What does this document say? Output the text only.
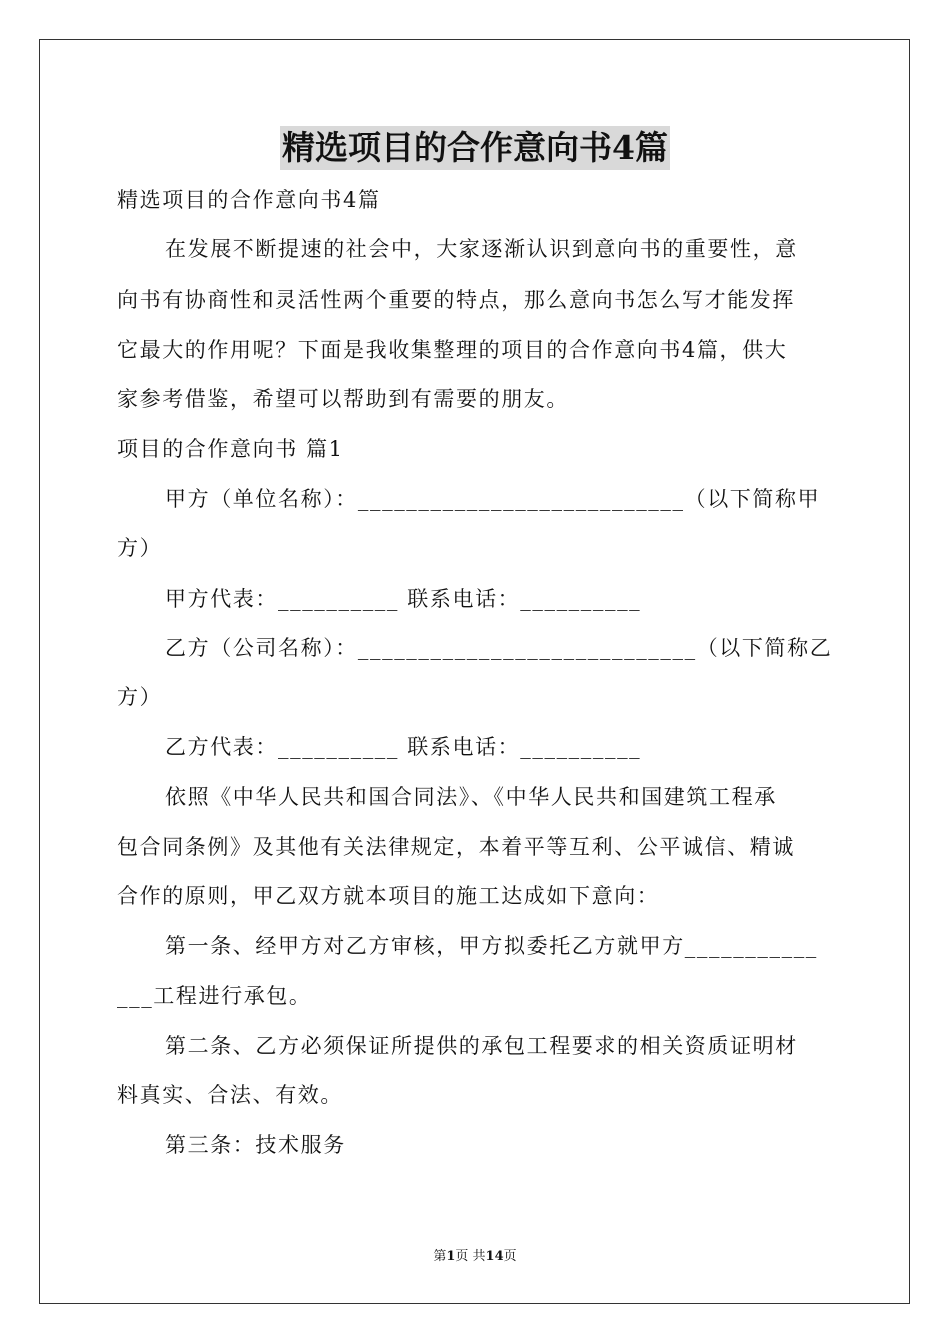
精选项目的合作意向书4篇
精选项目的合作意向书4篇
在发展不断提速的社会中，大家逐渐认识到意向书的重要性，意
向书有协商性和灵活性两个重要的特点，那么意向书怎么写才能发挥
它最大的作用呢？下面是我收集整理的项目的合作意向书4篇，供大
家参考借鉴，希望可以帮助到有需要的朋友。
项目的合作意向书 篇1
甲方（单位名称）：___________________________（以下简称甲
方）
甲方代表：__________ 联系电话：__________
乙方（公司名称）：____________________________（以下简称乙
方）
乙方代表：__________ 联系电话：__________
依照《中华人民共和国合同法》、《中华人民共和国建筑工程承
包合同条例》及其他有关法律规定，本着平等互利、公平诚信、精诚
合作的原则，甲乙双方就本项目的施工达成如下意向：
第一条、经甲方对乙方审核，甲方拟委托乙方就甲方___________
___工程进行承包。
第二条、乙方必须保证所提供的承包工程要求的相关资质证明材
料真实、合法、有效。
第三条：技术服务
第1页 共14页
